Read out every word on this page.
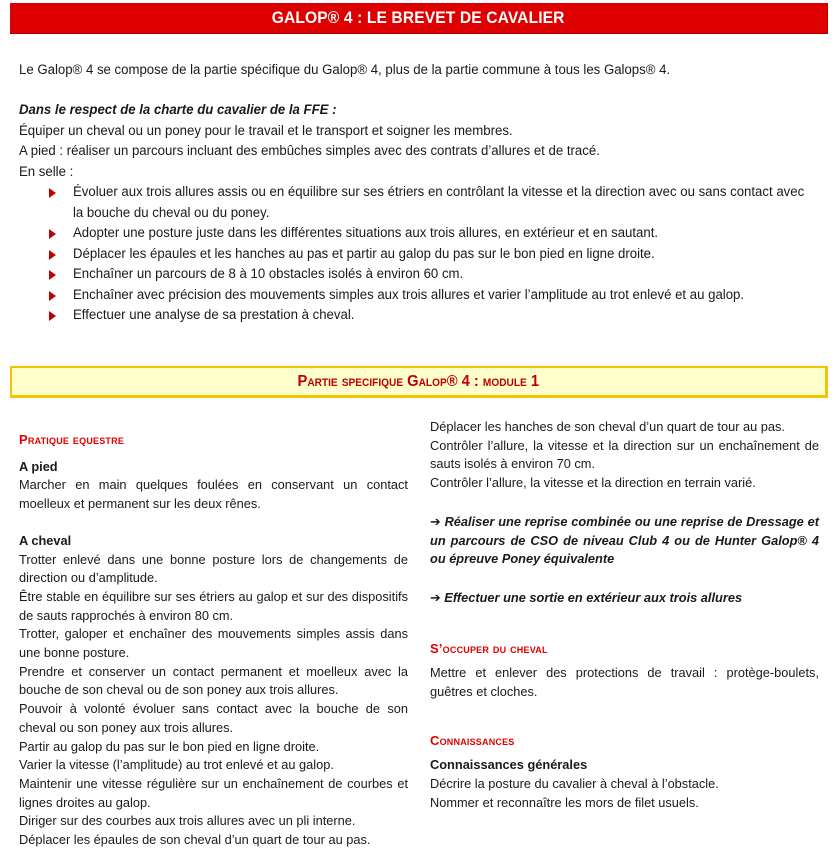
GALOP® 4 : LE BREVET DE CAVALIER
Le Galop® 4 se compose de la partie spécifique du Galop® 4, plus de la partie commune à tous les Galops® 4.
Dans le respect de la charte du cavalier de la FFE :
Équiper un cheval ou un poney pour le travail et le transport et soigner les membres.
A pied : réaliser un parcours incluant des embûches simples avec des contrats d’allures et de tracé.
En selle :
Évoluer aux trois allures assis ou en équilibre sur ses étriers en contrôlant la vitesse et la direction avec ou sans contact avec la bouche du cheval ou du poney.
Adopter une posture juste dans les différentes situations aux trois allures, en extérieur et en sautant.
Déplacer les épaules et les hanches au pas et partir au galop du pas sur le bon pied en ligne droite.
Enchaîner un parcours de 8 à 10 obstacles isolés à environ 60 cm.
Enchaîner avec précision des mouvements simples aux trois allures et varier l’amplitude au trot enlevé et au galop.
Effectuer une analyse de sa prestation à cheval.
Partie specifique Galop® 4 : module 1
Pratique equestre
A pied
Marcher en main quelques foulées en conservant un contact moelleux et permanent sur les deux rênes.
A cheval
Trotter enlevé dans une bonne posture lors de changements de direction ou d’amplitude.
Être stable en équilibre sur ses étriers au galop et sur des dispositifs de sauts rapprochés à environ 80 cm.
Trotter, galoper et enchaîner des mouvements simples assis dans une bonne posture.
Prendre et conserver un contact permanent et moelleux avec la bouche de son cheval ou de son poney aux trois allures.
Pouvoir à volonté évoluer sans contact avec la bouche de son cheval ou son poney aux trois allures.
Partir au galop du pas sur le bon pied en ligne droite.
Varier la vitesse (l’amplitude) au trot enlevé et au galop.
Maintenir une vitesse régulière sur un enchaînement de courbes et lignes droites au galop.
Diriger sur des courbes aux trois allures avec un pli interne.
Déplacer les épaules de son cheval d’un quart de tour au pas.
Déplacer les hanches de son cheval d’un quart de tour au pas.
Contrôler l’allure, la vitesse et la direction sur un enchaînement de sauts isolés à environ 70 cm.
Contrôler l’allure, la vitesse et la direction en terrain varié.
➔ Réaliser une reprise combinée ou une reprise de Dressage et un parcours de CSO de niveau Club 4 ou de Hunter Galop® 4 ou épreuve Poney équivalente
➔ Effectuer une sortie en extérieur aux trois allures
S’occuper du cheval
Mettre et enlever des protections de travail : protège-boulets, guêtres et cloches.
Connaissances
Connaissances générales
Décrire la posture du cavalier à cheval à l’obstacle.
Nommer et reconnaître les mors de filet usuels.
